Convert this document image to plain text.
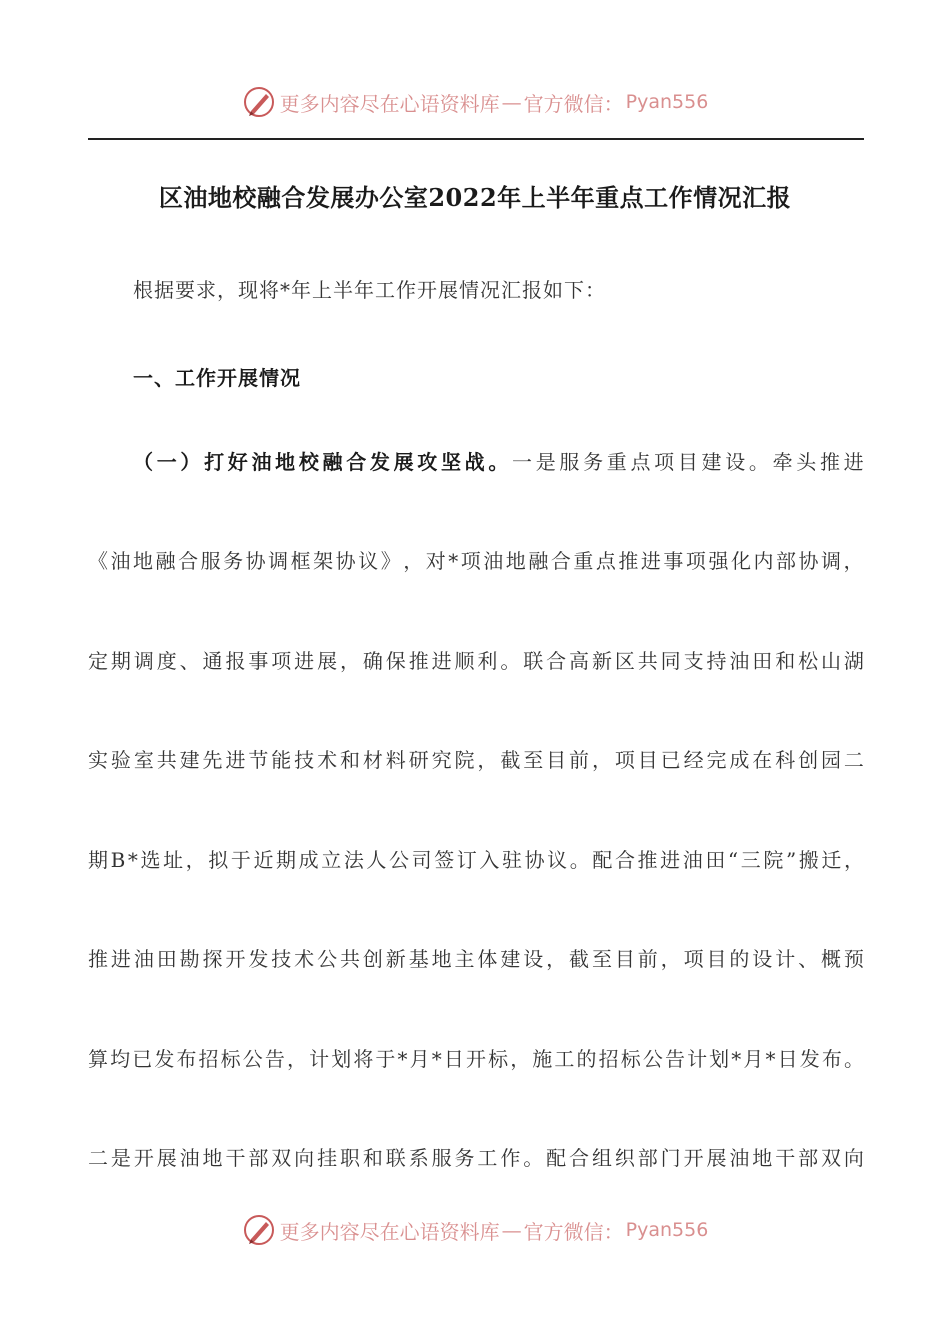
更多内容尽在心语资料库 — 官方微信： Pyan556
区油地校融合发展办公室2022年上半年重点工作情况汇报
根据要求，现将*年上半年工作开展情况汇报如下：
一、工作开展情况
（ 一 ） 打 好 油 地 校 融 合 发 展 攻 坚 战 。 一 是 服 务 重 点 项 目 建 设 。 牵 头 推 进
《 油 地 融 合 服 务 协 调 框 架 协 议 》 ， 对 * 项 油 地 融 合 重 点 推 进 事 项 强 化 内 部 协 调 ，
定 期 调 度 、 通 报 事 项 进 展 ， 确 保 推 进 顺 利 。 联 合 高 新 区 共 同 支 持 油 田 和 松 山 湖
实 验 室 共 建 先 进 节 能 技 术 和 材 料 研 究 院 ， 截 至 目 前 ， 项 目 已 经 完 成 在 科 创 园 二
期 B * 选 址 ， 拟 于 近 期 成 立 法 人 公 司 签 订 入 驻 协 议 。 配 合 推 进 油 田 “ 三 院 ” 搬 迁 ，
推 进 油 田 勘 探 开 发 技 术 公 共 创 新 基 地 主 体 建 设 ， 截 至 目 前 ， 项 目 的 设 计 、 概 预
算 均 已 发 布 招 标 公 告 ， 计 划 将 于 * 月 * 日 开 标 ， 施 工 的 招 标 公 告 计 划 * 月 * 日 发 布 。
二 是 开 展 油 地 干 部 双 向 挂 职 和 联 系 服 务 工 作 。 配 合 组 织 部 门 开 展 油 地 干 部 双 向
更多内容尽在心语资料库 — 官方微信： Pyan556
